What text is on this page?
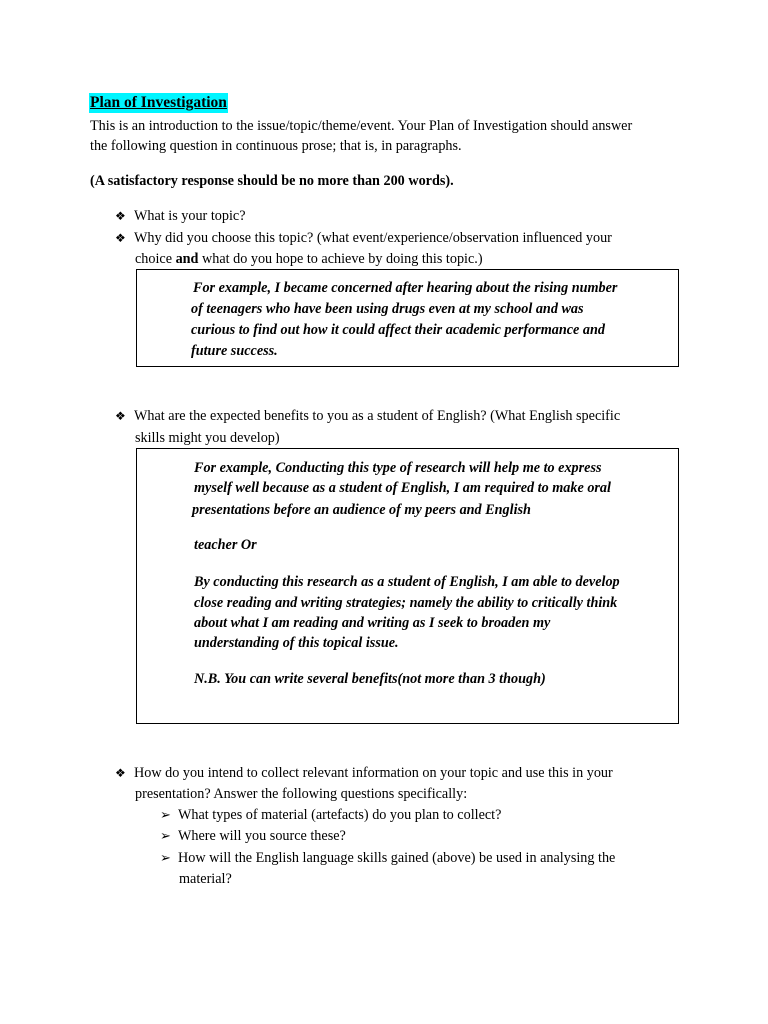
Plan of Investigation
This is an introduction to the issue/topic/theme/event. Your Plan of Investigation should answer
the following question in continuous prose; that is, in paragraphs.
(A satisfactory response should be no more than 200 words).
❖ What is your topic?
❖ Why did you choose this topic? (what event/experience/observation influenced your
choice and what do you hope to achieve by doing this topic.)

For example, I became concerned after hearing about the rising number

of teenagers who have been using drugs even at my school and was

curious to find out how it could affect their academic performance and

future success.

❖ What are the expected benefits to you as a student of English? (What English specific
skills might you develop)

For example, Conducting this type of research will help me to express

myself well because as a student of English, I am required to make oral

presentations before an audience of my peers and English

teacher Or

By conducting this research as a student of English, I am able to develop

close reading and writing strategies; namely the ability to critically think

about what I am reading and writing as I seek to broaden my

understanding of this topical issue.

N.B. You can write several benefits(not more than 3 though)

❖ How do you intend to collect relevant information on your topic and use this in your
presentation? Answer the following questions specifically:
➢ What types of material (artefacts) do you plan to collect?
➢ Where will you source these?
➢ How will the English language skills gained (above) be used in analysing the
material?
